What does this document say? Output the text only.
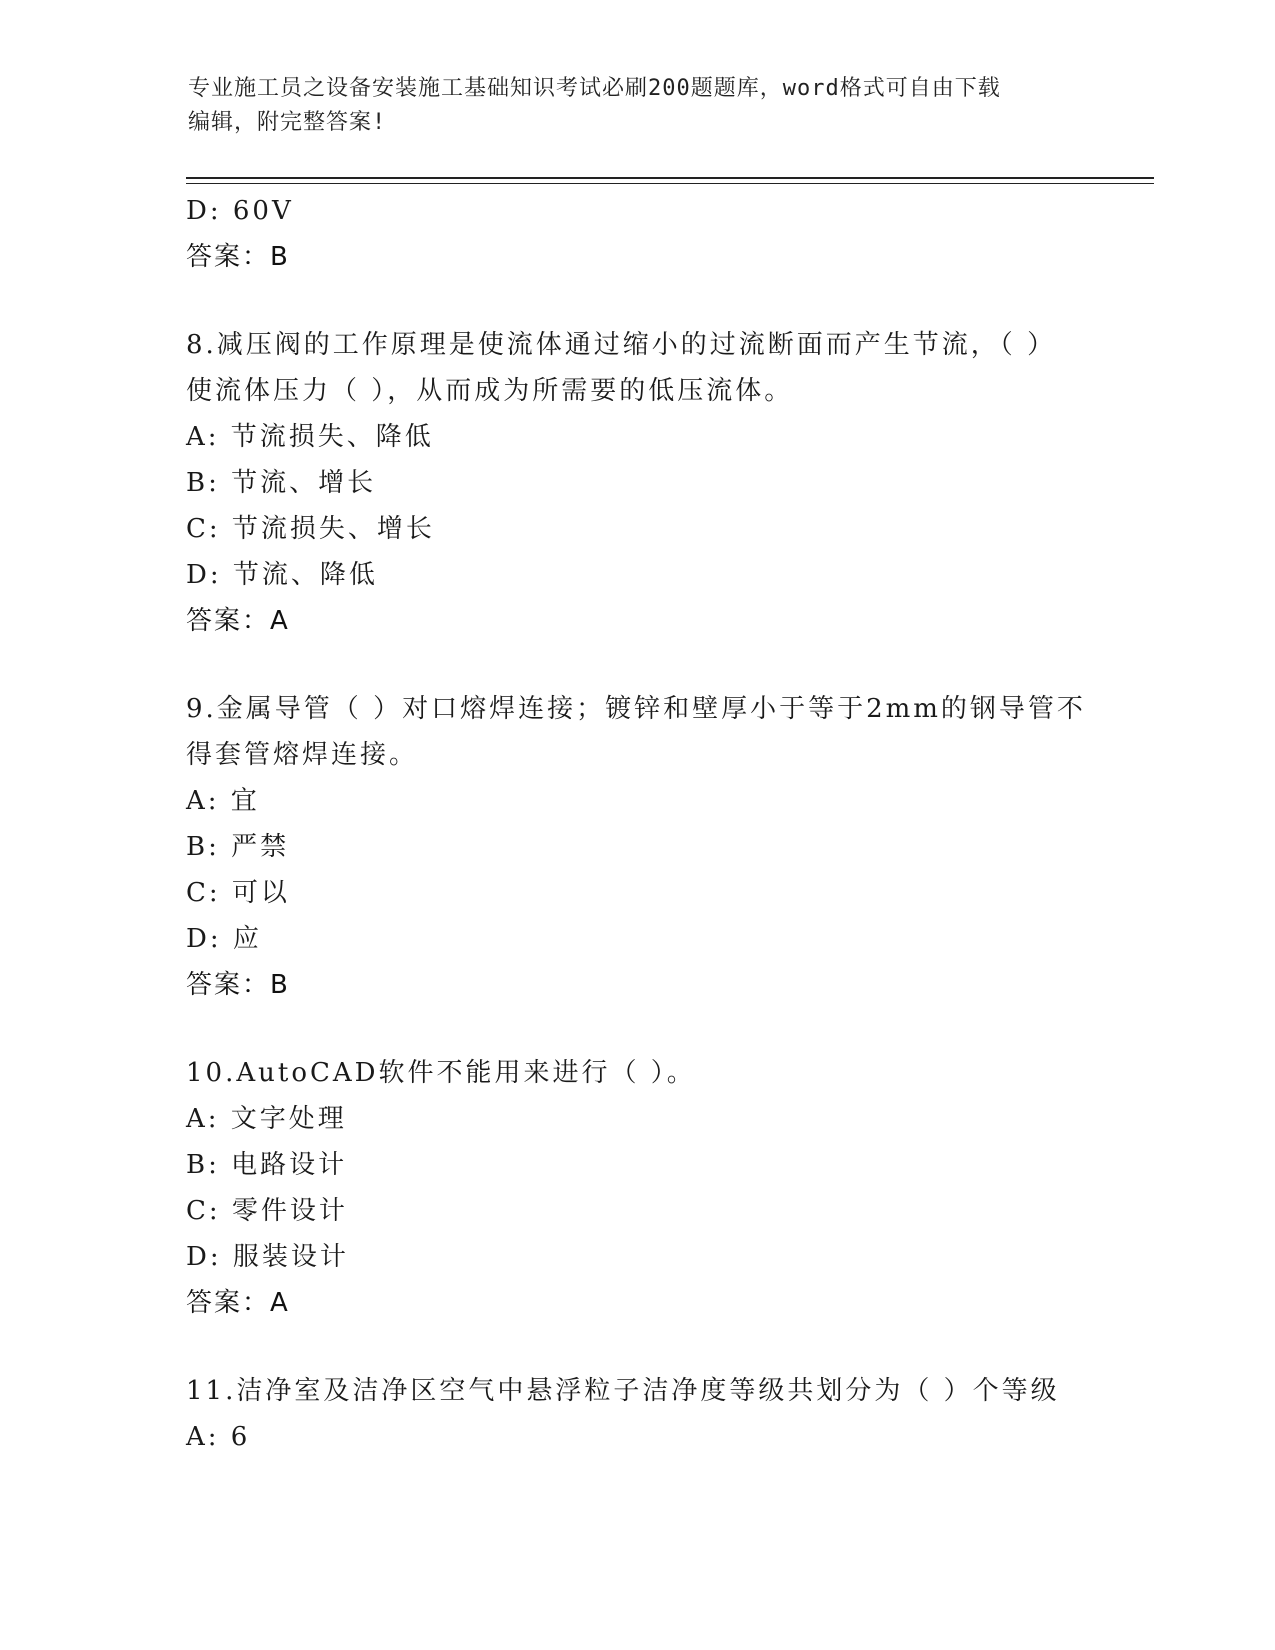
专业施工员之设备安装施工基础知识考试必刷200题题库，word格式可自由下载
编辑，附完整答案!
D: 60V
答案：B
8.减压阀的工作原理是使流体通过缩小的过流断面而产生节流，（ ）
使流体压力（ ），从而成为所需要的低压流体。
A: 节流损失、降低
B: 节流、增长
C: 节流损失、增长
D: 节流、降低
答案：A
9.金属导管（ ）对口熔焊连接；镀锌和壁厚小于等于2mm的钢导管不
得套管熔焊连接。
A: 宜
B: 严禁
C: 可以
D: 应
答案：B
10.AutoCAD软件不能用来进行（ ）。
A: 文字处理
B: 电路设计
C: 零件设计
D: 服装设计
答案：A
11.洁净室及洁净区空气中悬浮粒子洁净度等级共划分为（ ）个等级
A: 6
